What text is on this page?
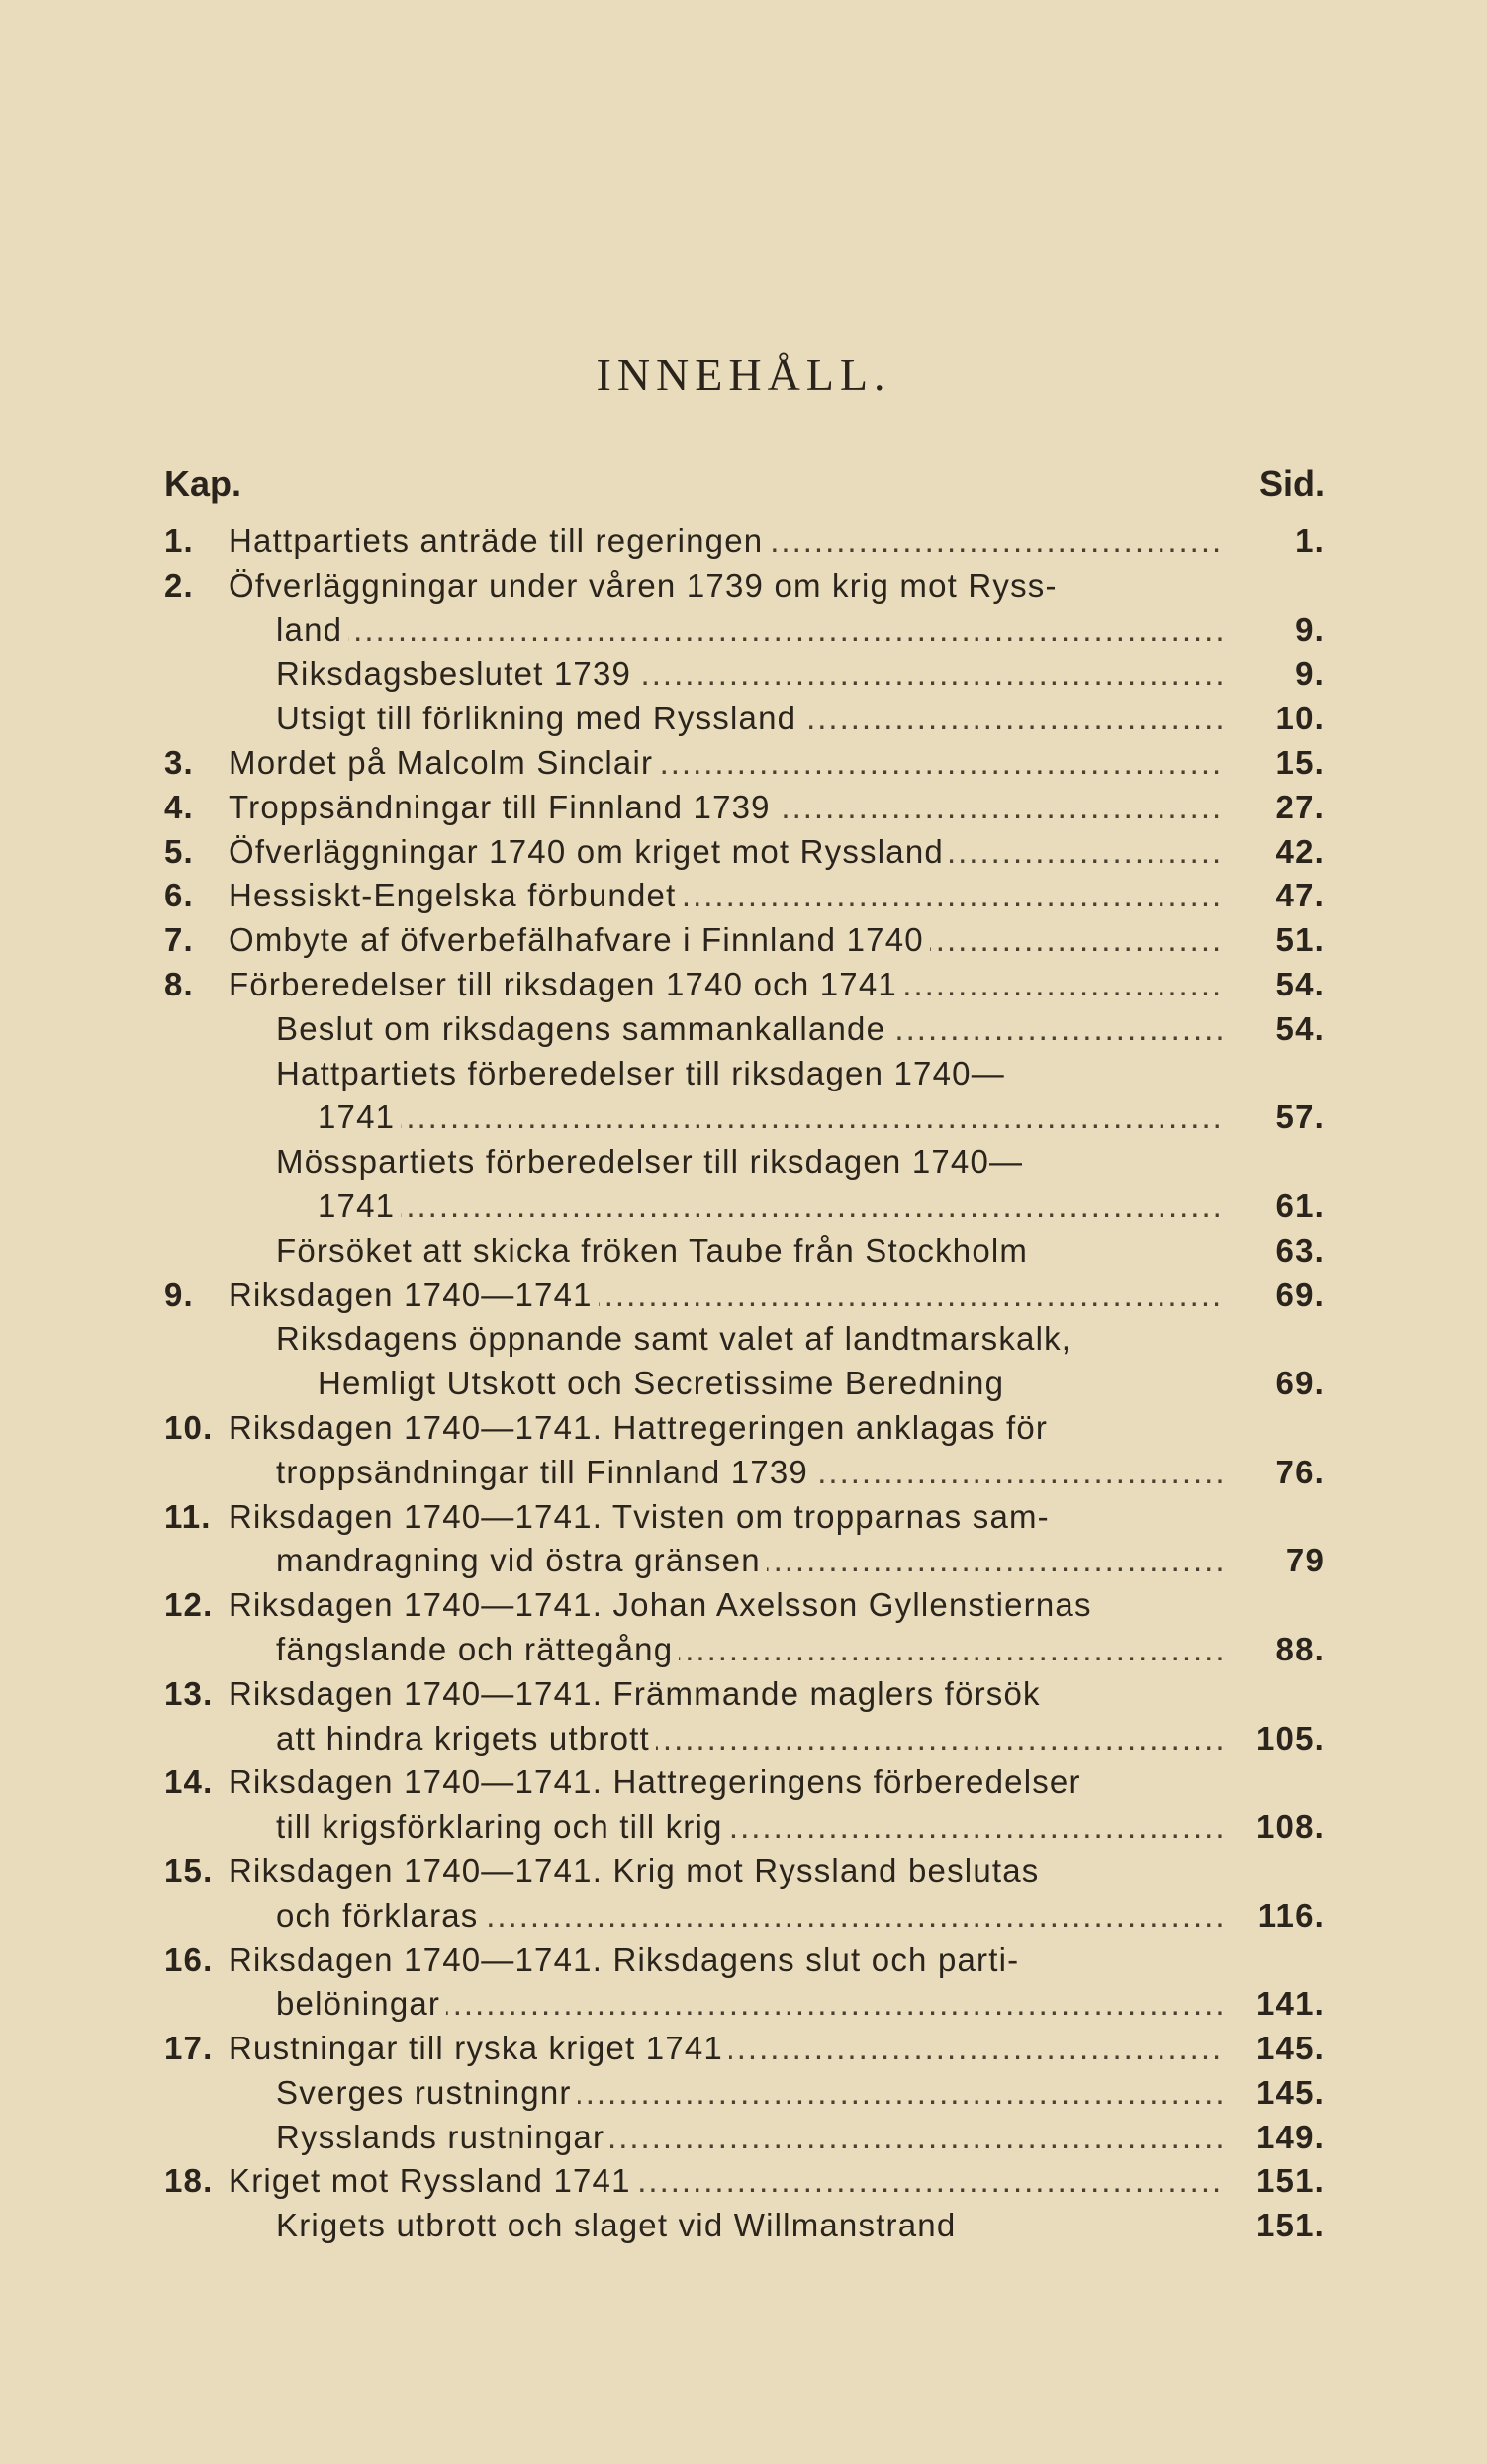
INNEHÅLL.
Kap.	Sid.
1. .....	Hattpartiets anträde till regeringen	1.
2.	Öfverläggningar under våren 1739 om krig mot Ryss-
.....
land	9.
.....
Riksdagsbeslutet 1739	9.
.....
Utsigt till förlikning med Ryssland	10.
3. .....	Mordet på Malcolm Sinclair	15.
4. .....	Troppsändningar till Finnland 1739	27.
5. .....	Öfverläggningar 1740 om kriget mot Ryssland	42.
6. .....	Hessiskt-Engelska förbundet	47.
7. .....	Ombyte af öfverbefälhafvare i Finnland 1740	51.
8. .....	Förberedelser till riksdagen 1740 och 1741	54.
.....
Beslut om riksdagens sammankallande	54.
Hattpartiets förberedelser till riksdagen 1740—
.....
1741	57.
Mösspartiets förberedelser till riksdagen 1740—
.....
1741	61.
Försöket att skicka fröken Taube från Stockholm	63.
9. .....	Riksdagen 1740—1741	69.
Riksdagens öppnande samt valet af landtmarskalk,
Hemligt Utskott och Secretissime Beredning	69.
10. Riksdagen 1740—1741. Hattregeringen anklagas för
.....
troppsändningar till Finnland 1739	76.
11. Riksdagen 1740—1741. Tvisten om tropparnas sam-
.....
mandragning vid östra gränsen	79
12. Riksdagen 1740—1741. Johan Axelsson Gyllenstiernas
.....
fängslande och rättegång	88.
13. Riksdagen 1740—1741. Främmande maglers försök
.....
att hindra krigets utbrott	105.
14. Riksdagen 1740—1741. Hattregeringens förberedelser
.....
till krigsförklaring och till krig	108.
15. Riksdagen 1740—1741. Krig mot Ryssland beslutas
.....
och förklaras	116.
16. Riksdagen 1740—1741. Riksdagens slut och parti-
.....
belöningar	141.
17. ..... Rustningar till ryska kriget 1741	145.
.....
Sverges rustningnr	145.
.....
Rysslands rustningar	149.
18. ..... Kriget mot Ryssland 1741	151.
Krigets utbrott och slaget vid Willmanstrand	151.
